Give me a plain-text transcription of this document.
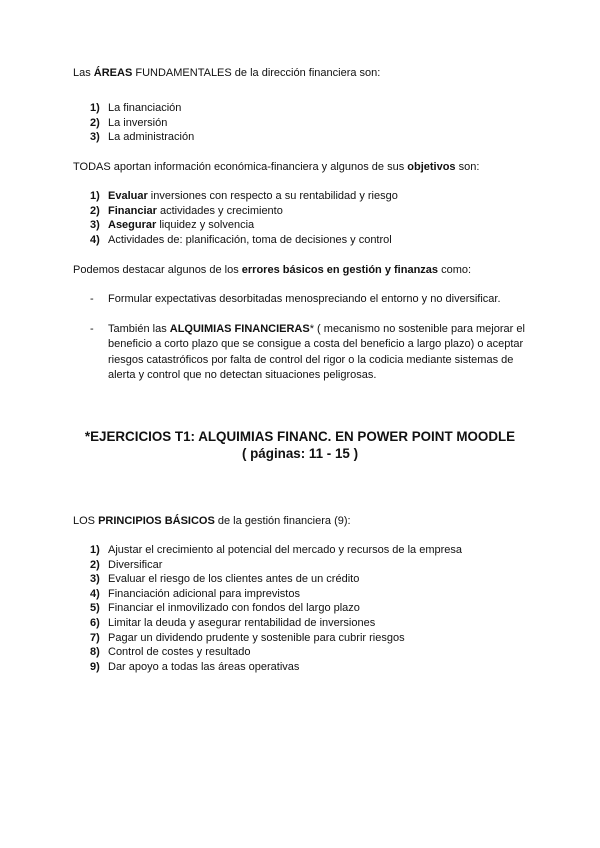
Las ÁREAS FUNDAMENTALES de la dirección financiera son:

1) La financiación
2) La inversión
3) La administración

TODAS aportan información económica-financiera y algunos de sus objetivos son:

1) Evaluar inversiones con respecto a su rentabilidad y riesgo
2) Financiar actividades y crecimiento
3) Asegurar liquidez y solvencia
4) Actividades de: planificación, toma de decisiones y control

Podemos destacar algunos de los errores básicos en gestión y finanzas como:

- Formular expectativas desorbitadas menospreciando el entorno y no diversificar.
- También las ALQUIMIAS FINANCIERAS* ( mecanismo no sostenible para mejorar el beneficio a corto plazo que se consigue a costa del beneficio a largo plazo) o aceptar riesgos catastróficos por falta de control del rigor o la codicia mediante sistemas de alerta y control que no detectan situaciones peligrosas.
*EJERCICIOS T1: ALQUIMIAS FINANC. EN POWER POINT MOODLE
( páginas: 11 - 15 )

LOS PRINCIPIOS BÁSICOS de la gestión financiera (9):

1) Ajustar el crecimiento al potencial del mercado y recursos de la empresa
2) Diversificar
3) Evaluar el riesgo de los clientes antes de un crédito
4) Financiación adicional para imprevistos
5) Financiar el inmovilizado con fondos del largo plazo
6) Limitar la deuda y asegurar rentabilidad de inversiones
7) Pagar un dividendo prudente y sostenible para cubrir riesgos
8) Control de costes y resultado
9) Dar apoyo a todas las áreas operativas
